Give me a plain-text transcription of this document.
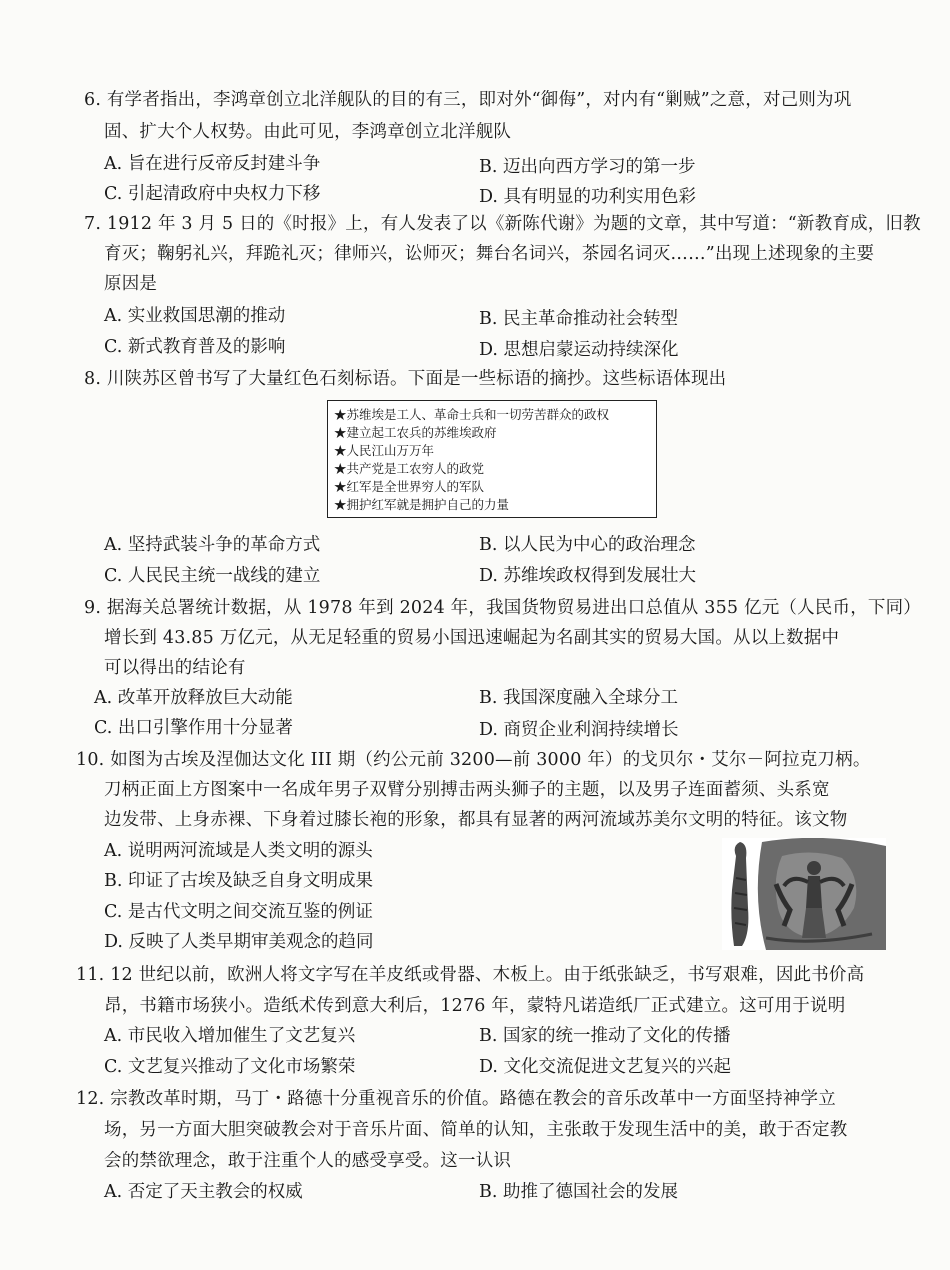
6. 有学者指出，李鸿章创立北洋舰队的目的有三，即对外“御侮”，对内有“剿贼”之意，对己则为巩
固、扩大个人权势。由此可见，李鸿章创立北洋舰队
A. 旨在进行反帝反封建斗争	B. 迈出向西方学习的第一步
C. 引起清政府中央权力下移	D. 具有明显的功利实用色彩
7. 1912 年 3 月 5 日的《时报》上，有人发表了以《新陈代谢》为题的文章，其中写道：“新教育成，旧教
育灭；鞠躬礼兴，拜跪礼灭；律师兴，讼师灭；舞台名词兴，茶园名词灭……”出现上述现象的主要
原因是
A. 实业救国思潮的推动	B. 民主革命推动社会转型
C. 新式教育普及的影响	D. 思想启蒙运动持续深化
8. 川陕苏区曾书写了大量红色石刻标语。下面是一些标语的摘抄。这些标语体现出
★苏维埃是工人、革命士兵和一切劳苦群众的政权
★建立起工农兵的苏维埃政府
★人民江山万万年
★共产党是工农穷人的政党
★红军是全世界穷人的军队
★拥护红军就是拥护自己的力量
A. 坚持武装斗争的革命方式	B. 以人民为中心的政治理念
C. 人民民主统一战线的建立	D. 苏维埃政权得到发展壮大
9. 据海关总署统计数据，从 1978 年到 2024 年，我国货物贸易进出口总值从 355 亿元（人民币，下同）
增长到 43.85 万亿元，从无足轻重的贸易小国迅速崛起为名副其实的贸易大国。从以上数据中
可以得出的结论有
A. 改革开放释放巨大动能	B. 我国深度融入全球分工
C. 出口引擎作用十分显著	D. 商贸企业利润持续增长
10. 如图为古埃及涅伽达文化 III 期（约公元前 3200—前 3000 年）的戈贝尔・艾尔－阿拉克刀柄。
刀柄正面上方图案中一名成年男子双臂分别搏击两头狮子的主题，以及男子连面蓄须、头系宽
边发带、上身赤裸、下身着过膝长袍的形象，都具有显著的两河流域苏美尔文明的特征。该文物
A. 说明两河流域是人类文明的源头
B. 印证了古埃及缺乏自身文明成果
C. 是古代文明之间交流互鉴的例证
D. 反映了人类早期审美观念的趋同
11. 12 世纪以前，欧洲人将文字写在羊皮纸或骨器、木板上。由于纸张缺乏，书写艰难，因此书价高
昂，书籍市场狭小。造纸术传到意大利后，1276 年，蒙特凡诺造纸厂正式建立。这可用于说明
A. 市民收入增加催生了文艺复兴	B. 国家的统一推动了文化的传播
C. 文艺复兴推动了文化市场繁荣	D. 文化交流促进文艺复兴的兴起
12. 宗教改革时期，马丁・路德十分重视音乐的价值。路德在教会的音乐改革中一方面坚持神学立
场，另一方面大胆突破教会对于音乐片面、简单的认知，主张敢于发现生活中的美，敢于否定教
会的禁欲理念，敢于注重个人的感受享受。这一认识
A. 否定了天主教会的权威	B. 助推了德国社会的发展
